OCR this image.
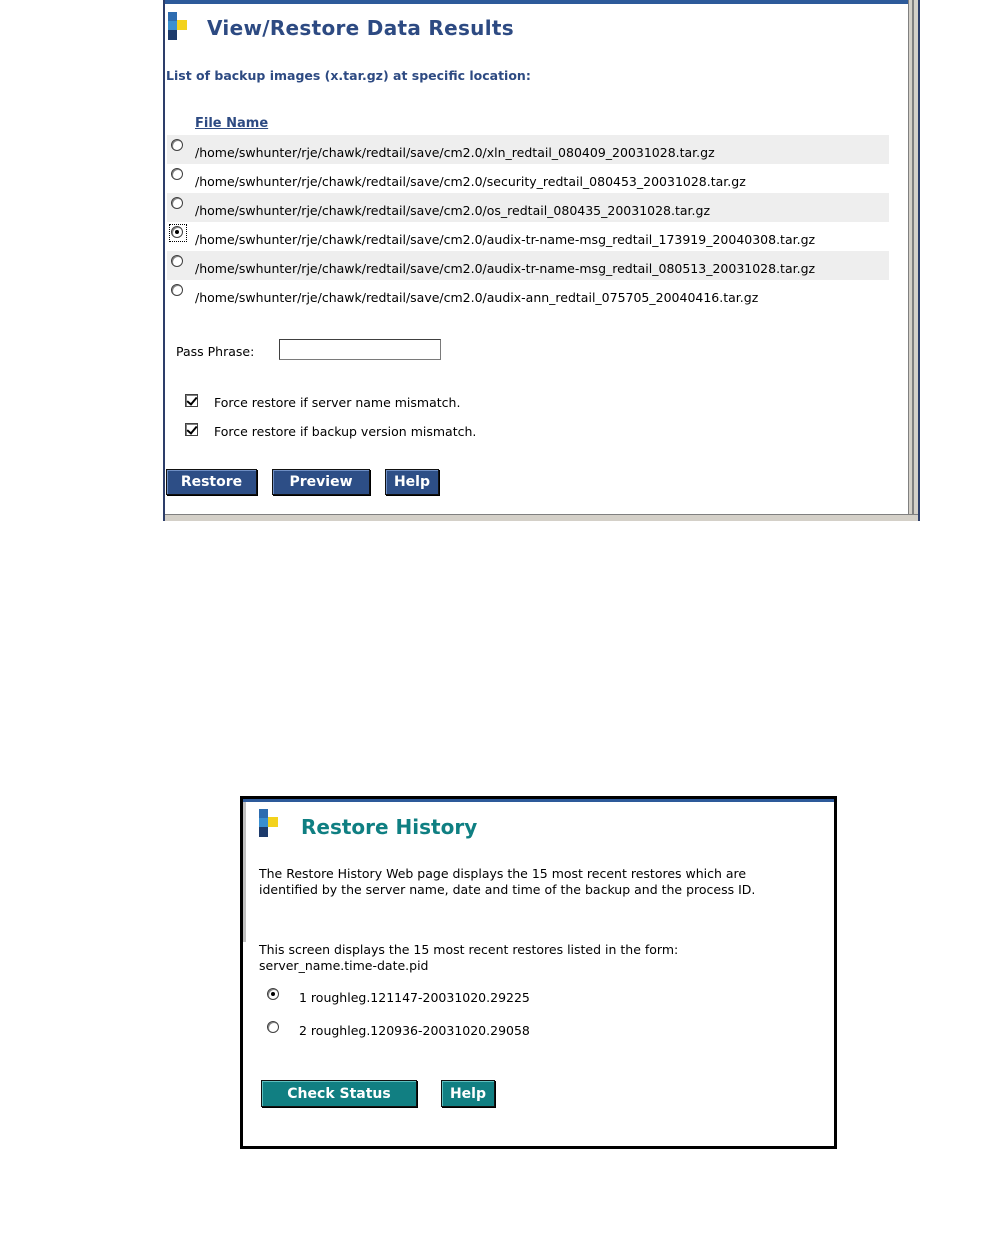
View/Restore Data Results
List of backup images (x.tar.gz) at specific location:
File Name
/home/swhunter/rje/chawk/redtail/save/cm2.0/xln_redtail_080409_20031028.tar.gz
/home/swhunter/rje/chawk/redtail/save/cm2.0/security_redtail_080453_20031028.tar.gz
/home/swhunter/rje/chawk/redtail/save/cm2.0/os_redtail_080435_20031028.tar.gz
/home/swhunter/rje/chawk/redtail/save/cm2.0/audix-tr-name-msg_redtail_173919_20040308.tar.gz
/home/swhunter/rje/chawk/redtail/save/cm2.0/audix-tr-name-msg_redtail_080513_20031028.tar.gz
/home/swhunter/rje/chawk/redtail/save/cm2.0/audix-ann_redtail_075705_20040416.tar.gz
Pass Phrase:
Force restore if server name mismatch.
Force restore if backup version mismatch.
Restore	Preview	Help
Restore History

The Restore History Web page displays the 15 most recent restores which are identified by the server name, date and time of the backup and the process ID.

This screen displays the 15 most recent restores listed in the form:
server_name.time-date.pid
1 roughleg.121147-20031020.29225
2 roughleg.120936-20031020.29058
Check Status	Help
